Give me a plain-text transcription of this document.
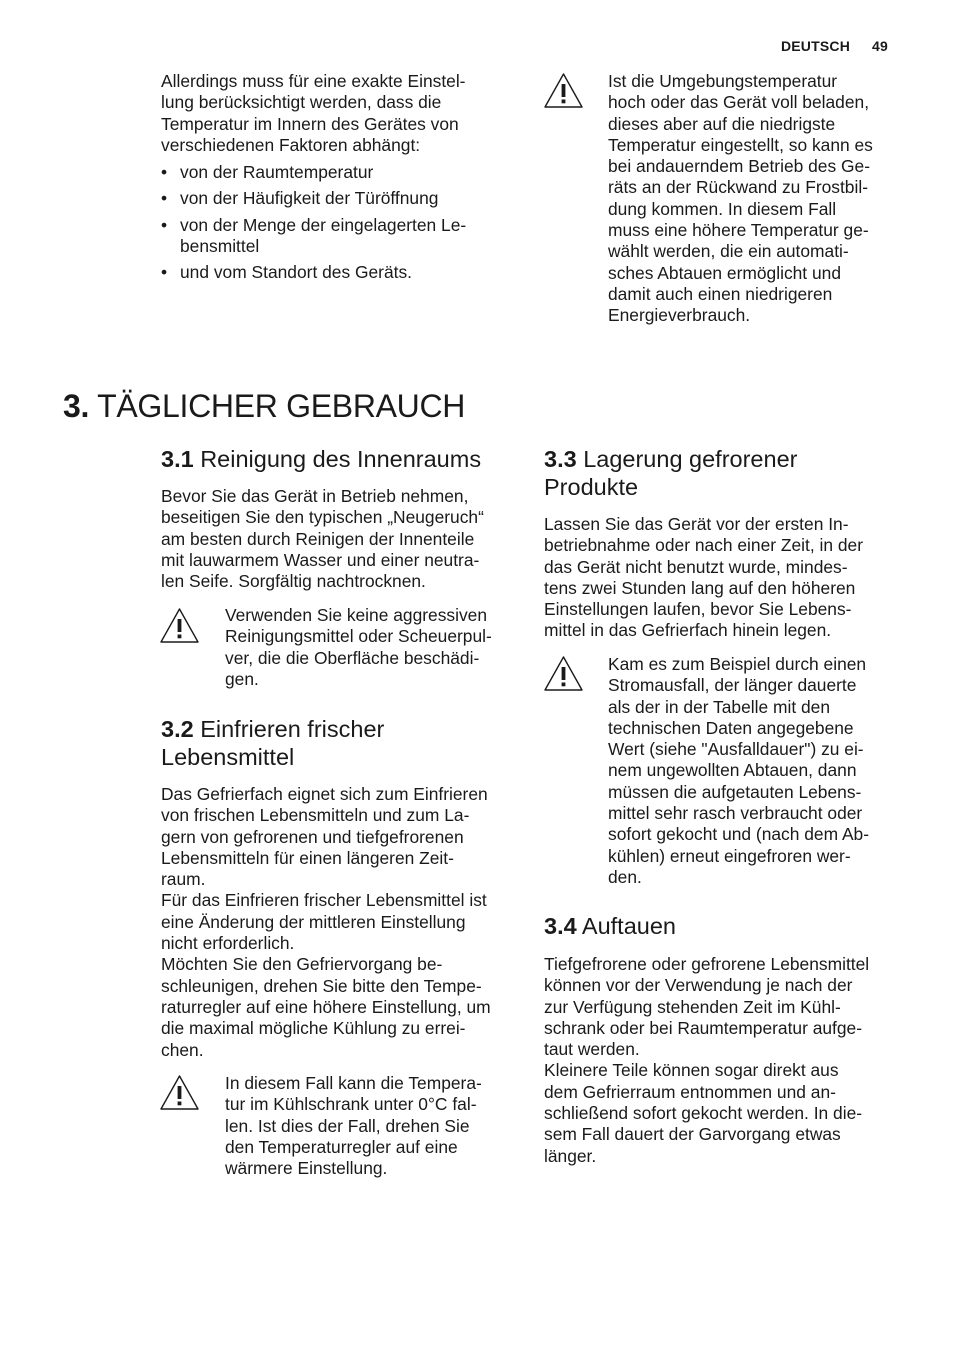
DEUTSCH 49
Allerdings muss für eine exakte Einstel-
lung berücksichtigt werden, dass die
Temperatur im Innern des Gerätes von
verschiedenen Faktoren abhängt:
• von der Raumtemperatur
• von der Häufigkeit der Türöffnung
• von der Menge der eingelagerten Le-
bensmittel
• und vom Standort des Geräts.
Ist die Umgebungstemperatur
hoch oder das Gerät voll beladen,
dieses aber auf die niedrigste
Temperatur eingestellt, so kann es
bei andauerndem Betrieb des Ge-
räts an der Rückwand zu Frostbil-
dung kommen. In diesem Fall
muss eine höhere Temperatur ge-
wählt werden, die ein automati-
sches Abtauen ermöglicht und
damit auch einen niedrigeren
Energieverbrauch.
3. TÄGLICHER GEBRAUCH
3.1 Reinigung des Innenraums
Bevor Sie das Gerät in Betrieb nehmen,
beseitigen Sie den typischen „Neugeruch“
am besten durch Reinigen der Innenteile
mit lauwarmem Wasser und einer neutra-
len Seife. Sorgfältig nachtrocknen.
Verwenden Sie keine aggressiven
Reinigungsmittel oder Scheuerpul-
ver, die die Oberfläche beschädi-
gen.
3.2 Einfrieren frischer
Lebensmittel
Das Gefrierfach eignet sich zum Einfrieren
von frischen Lebensmitteln und zum La-
gern von gefrorenen und tiefgefrorenen
Lebensmitteln für einen längeren Zeit-
raum.
Für das Einfrieren frischer Lebensmittel ist
eine Änderung der mittleren Einstellung
nicht erforderlich.
Möchten Sie den Gefriervorgang be-
schleunigen, drehen Sie bitte den Tempe-
raturregler auf eine höhere Einstellung, um
die maximal mögliche Kühlung zu errei-
chen.
In diesem Fall kann die Tempera-
tur im Kühlschrank unter 0°C fal-
len. Ist dies der Fall, drehen Sie
den Temperaturregler auf eine
wärmere Einstellung.
3.3 Lagerung gefrorener
Produkte
Lassen Sie das Gerät vor der ersten In-
betriebnahme oder nach einer Zeit, in der
das Gerät nicht benutzt wurde, mindes-
tens zwei Stunden lang auf den höheren
Einstellungen laufen, bevor Sie Lebens-
mittel in das Gefrierfach hinein legen.
Kam es zum Beispiel durch einen
Stromausfall, der länger dauerte
als der in der Tabelle mit den
technischen Daten angegebene
Wert (siehe "Ausfalldauer") zu ei-
nem ungewollten Abtauen, dann
müssen die aufgetauten Lebens-
mittel sehr rasch verbraucht oder
sofort gekocht und (nach dem Ab-
kühlen) erneut eingefroren wer-
den.
3.4 Auftauen
Tiefgefrorene oder gefrorene Lebensmittel
können vor der Verwendung je nach der
zur Verfügung stehenden Zeit im Kühl-
schrank oder bei Raumtemperatur aufge-
taut werden.
Kleinere Teile können sogar direkt aus
dem Gefrierraum entnommen und an-
schließend sofort gekocht werden. In die-
sem Fall dauert der Garvorgang etwas
länger.
